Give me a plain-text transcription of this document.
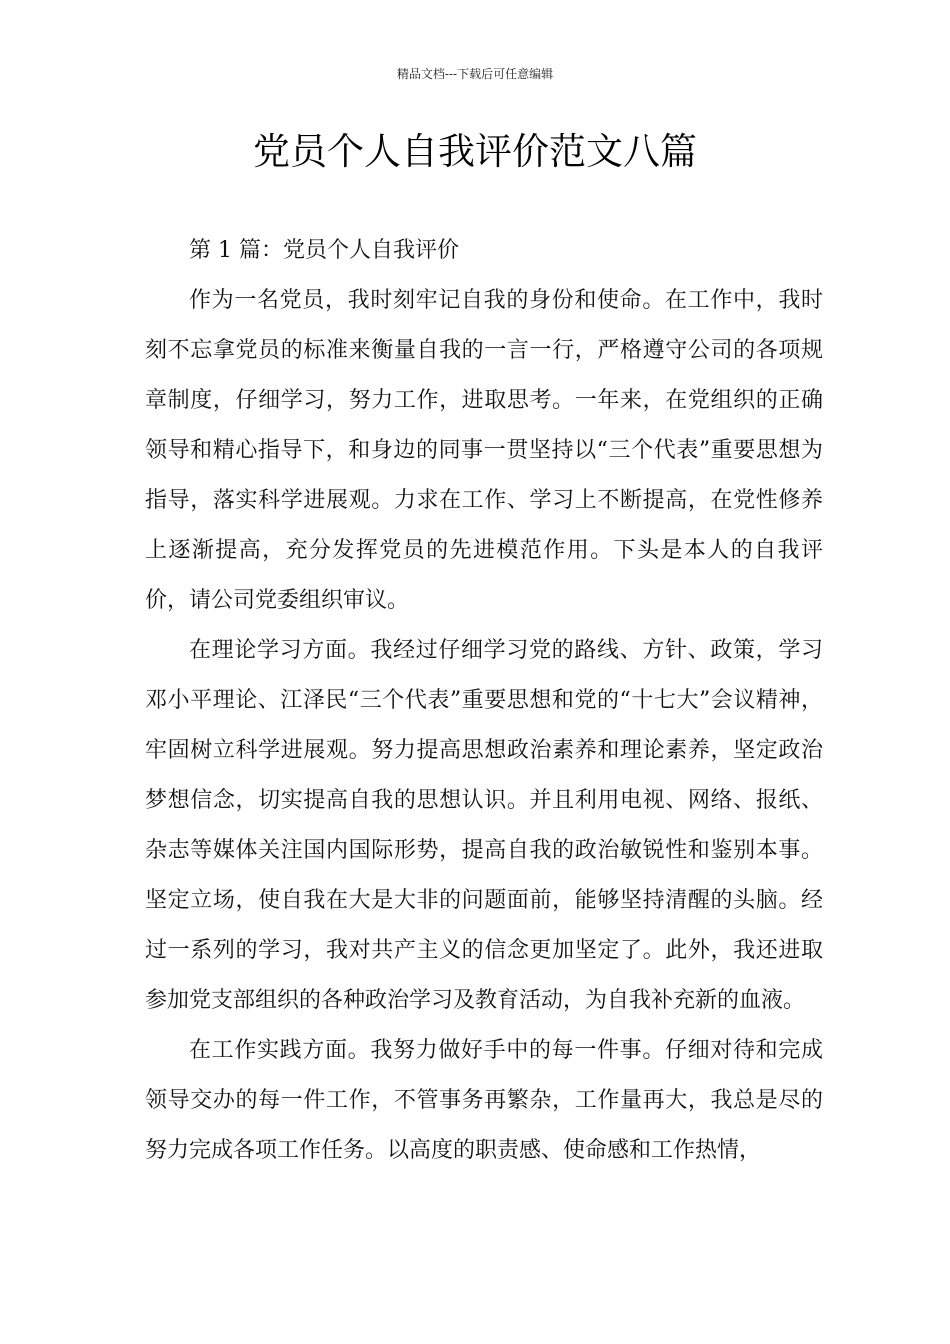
精品文档---下载后可任意编辑
党员个人自我评价范文八篇

第 1 篇：党员个人自我评价

作为一名党员，我时刻牢记自我的身份和使命。在工作中，我时刻不忘拿党员的标准来衡量自我的一言一行，严格遵守公司的各项规章制度，仔细学习，努力工作，进取思考。一年来，在党组织的正确领导和精心指导下，和身边的同事一贯坚持以“三个代表”重要思想为指导，落实科学进展观。力求在工作、学习上不断提高，在党性修养上逐渐提高，充分发挥党员的先进模范作用。下头是本人的自我评价，请公司党委组织审议。

在理论学习方面。我经过仔细学习党的路线、方针、政策，学习邓小平理论、江泽民“三个代表”重要思想和党的“十七大”会议精神，牢固树立科学进展观。努力提高思想政治素养和理论素养，坚定政治梦想信念，切实提高自我的思想认识。并且利用电视、网络、报纸、杂志等媒体关注国内国际形势，提高自我的政治敏锐性和鉴别本事。坚定立场，使自我在大是大非的问题面前，能够坚持清醒的头脑。经过一系列的学习，我对共产主义的信念更加坚定了。此外，我还进取参加党支部组织的各种政治学习及教育活动，为自我补充新的血液。

在工作实践方面。我努力做好手中的每一件事。仔细对待和完成领导交办的每一件工作，不管事务再繁杂，工作量再大，我总是尽的努力完成各项工作任务。以高度的职责感、使命感和工作热情，
